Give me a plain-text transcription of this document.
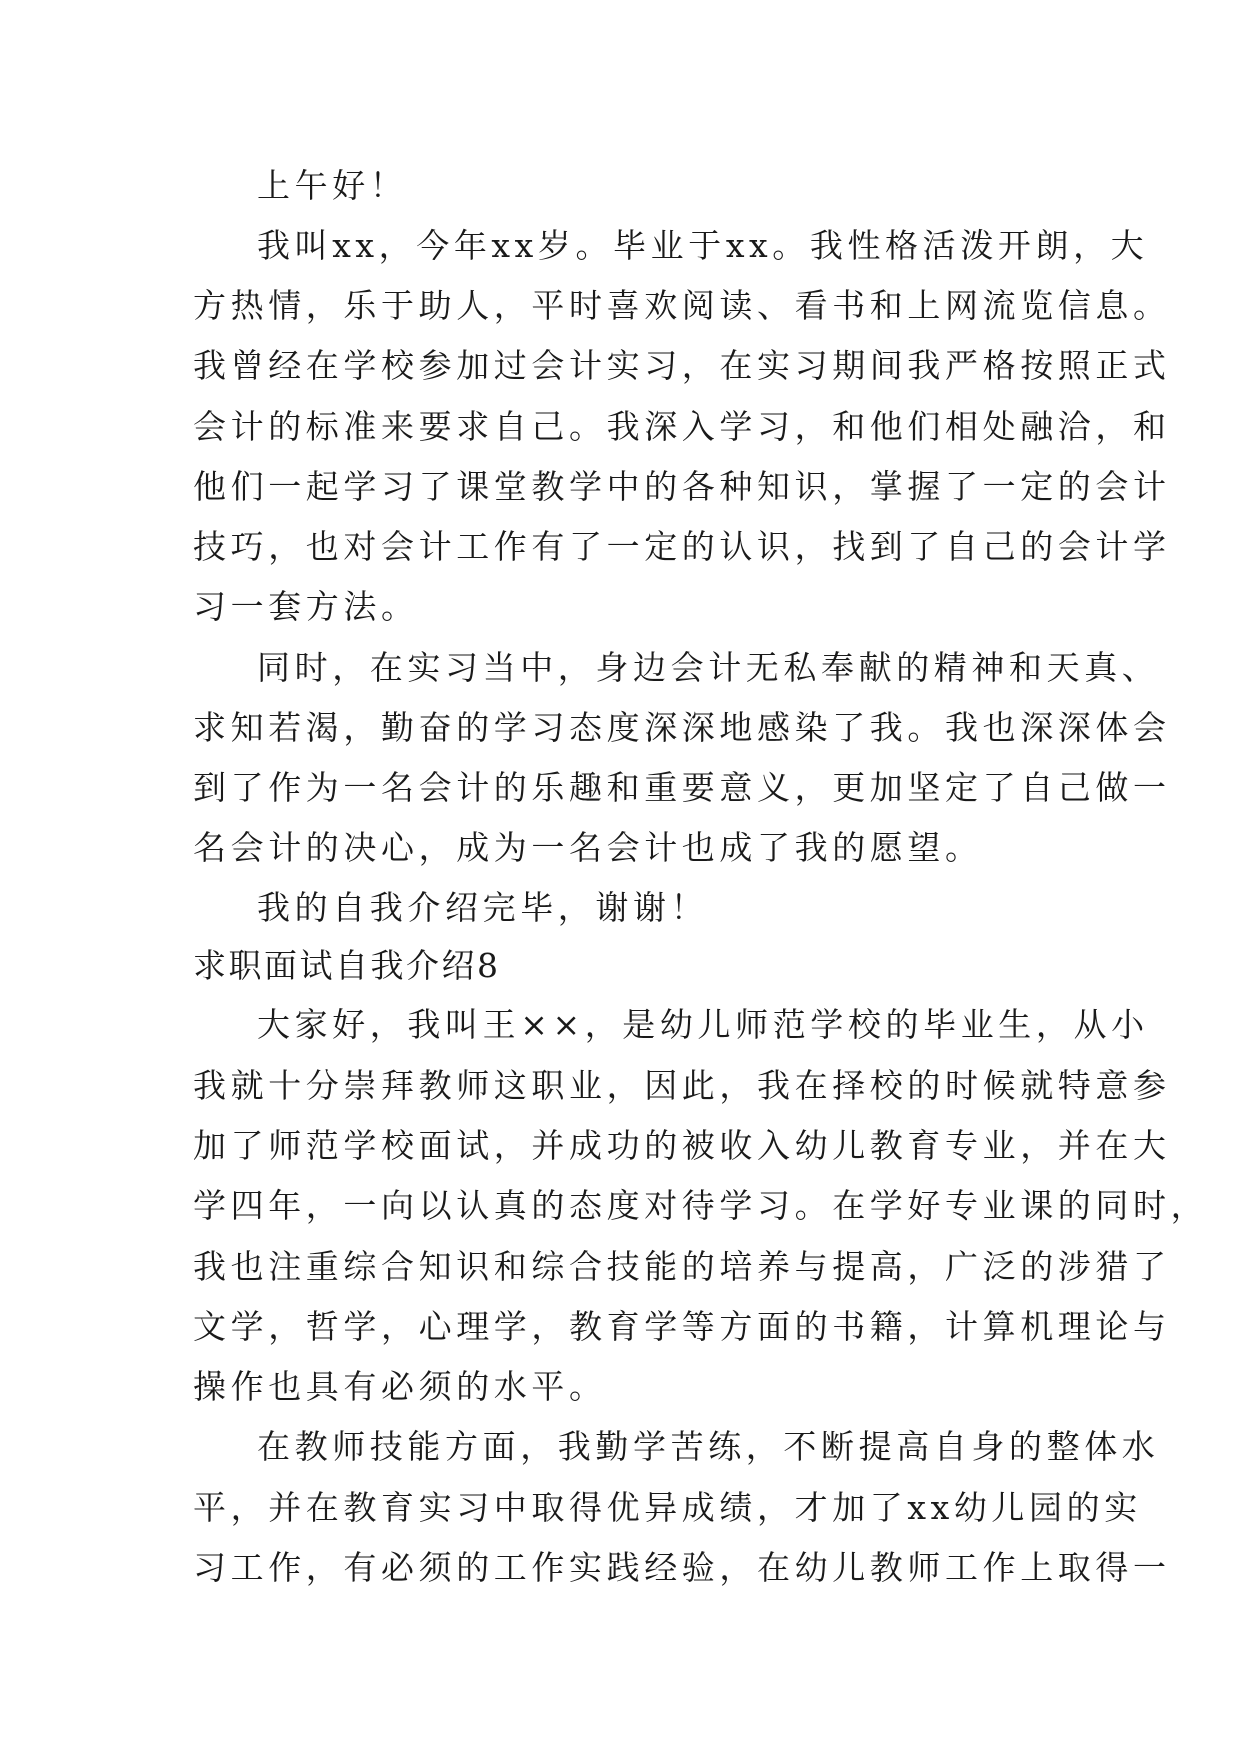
上午好！
我叫xx，今年xx岁。毕业于xx。我性格活泼开朗，大
方热情，乐于助人，平时喜欢阅读、看书和上网流览信息。
我曾经在学校参加过会计实习，在实习期间我严格按照正式
会计的标准来要求自己。我深入学习，和他们相处融洽，和
他们一起学习了课堂教学中的各种知识，掌握了一定的会计
技巧，也对会计工作有了一定的认识，找到了自己的会计学
习一套方法。
同时，在实习当中，身边会计无私奉献的精神和天真、
求知若渴，勤奋的学习态度深深地感染了我。我也深深体会
到了作为一名会计的乐趣和重要意义，更加坚定了自己做一
名会计的决心，成为一名会计也成了我的愿望。
我的自我介绍完毕，谢谢！
求职面试自我介绍8
大家好，我叫王××，是幼儿师范学校的毕业生，从小
我就十分崇拜教师这职业，因此，我在择校的时候就特意参
加了师范学校面试，并成功的被收入幼儿教育专业，并在大
学四年，一向以认真的态度对待学习。在学好专业课的同时，
我也注重综合知识和综合技能的培养与提高，广泛的涉猎了
文学，哲学，心理学，教育学等方面的书籍，计算机理论与
操作也具有必须的水平。
在教师技能方面，我勤学苦练，不断提高自身的整体水
平，并在教育实习中取得优异成绩，才加了xx幼儿园的实
习工作，有必须的工作实践经验，在幼儿教师工作上取得一
